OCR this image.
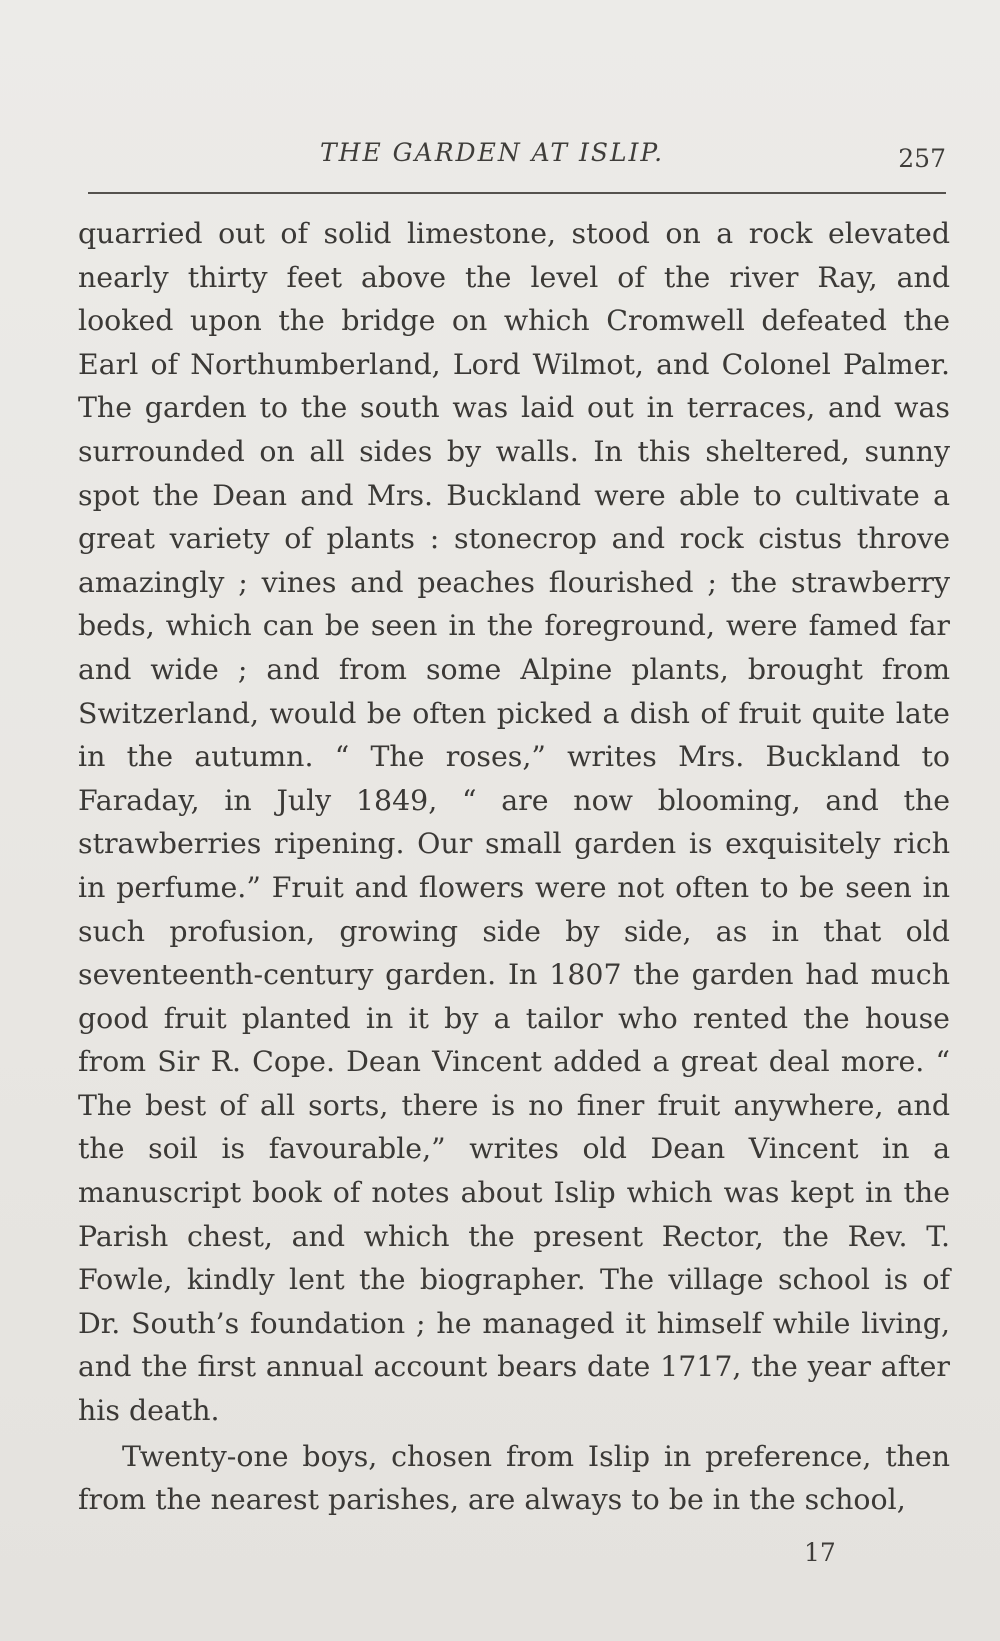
THE GARDEN AT ISLIP.	257

quarried out of solid limestone, stood on a rock elevated nearly thirty feet above the level of the river Ray, and looked upon the bridge on which Cromwell defeated the Earl of Northumberland, Lord Wilmot, and Colonel Palmer. The garden to the south was laid out in terraces, and was surrounded on all sides by walls. In this sheltered, sunny spot the Dean and Mrs. Buckland were able to cultivate a great variety of plants : stonecrop and rock cistus throve amazingly ; vines and peaches flourished ; the strawberry beds, which can be seen in the foreground, were famed far and wide ; and from some Alpine plants, brought from Switzerland, would be often picked a dish of fruit quite late in the autumn. “ The roses,” writes Mrs. Buckland to Faraday, in July 1849, “ are now blooming, and the strawberries ripening. Our small garden is exquisitely rich in perfume.” Fruit and flowers were not often to be seen in such profusion, growing side by side, as in that old seventeenth-century garden. In 1807 the garden had much good fruit planted in it by a tailor who rented the house from Sir R. Cope. Dean Vincent added a great deal more. “ The best of all sorts, there is no finer fruit anywhere, and the soil is favourable,” writes old Dean Vincent in a manuscript book of notes about Islip which was kept in the Parish chest, and which the present Rector, the Rev. T. Fowle, kindly lent the biographer. The village school is of Dr. South’s foundation ; he managed it himself while living, and the first annual account bears date 1717, the year after his death.

Twenty-one boys, chosen from Islip in preference, then from the nearest parishes, are always to be in the school,

17
